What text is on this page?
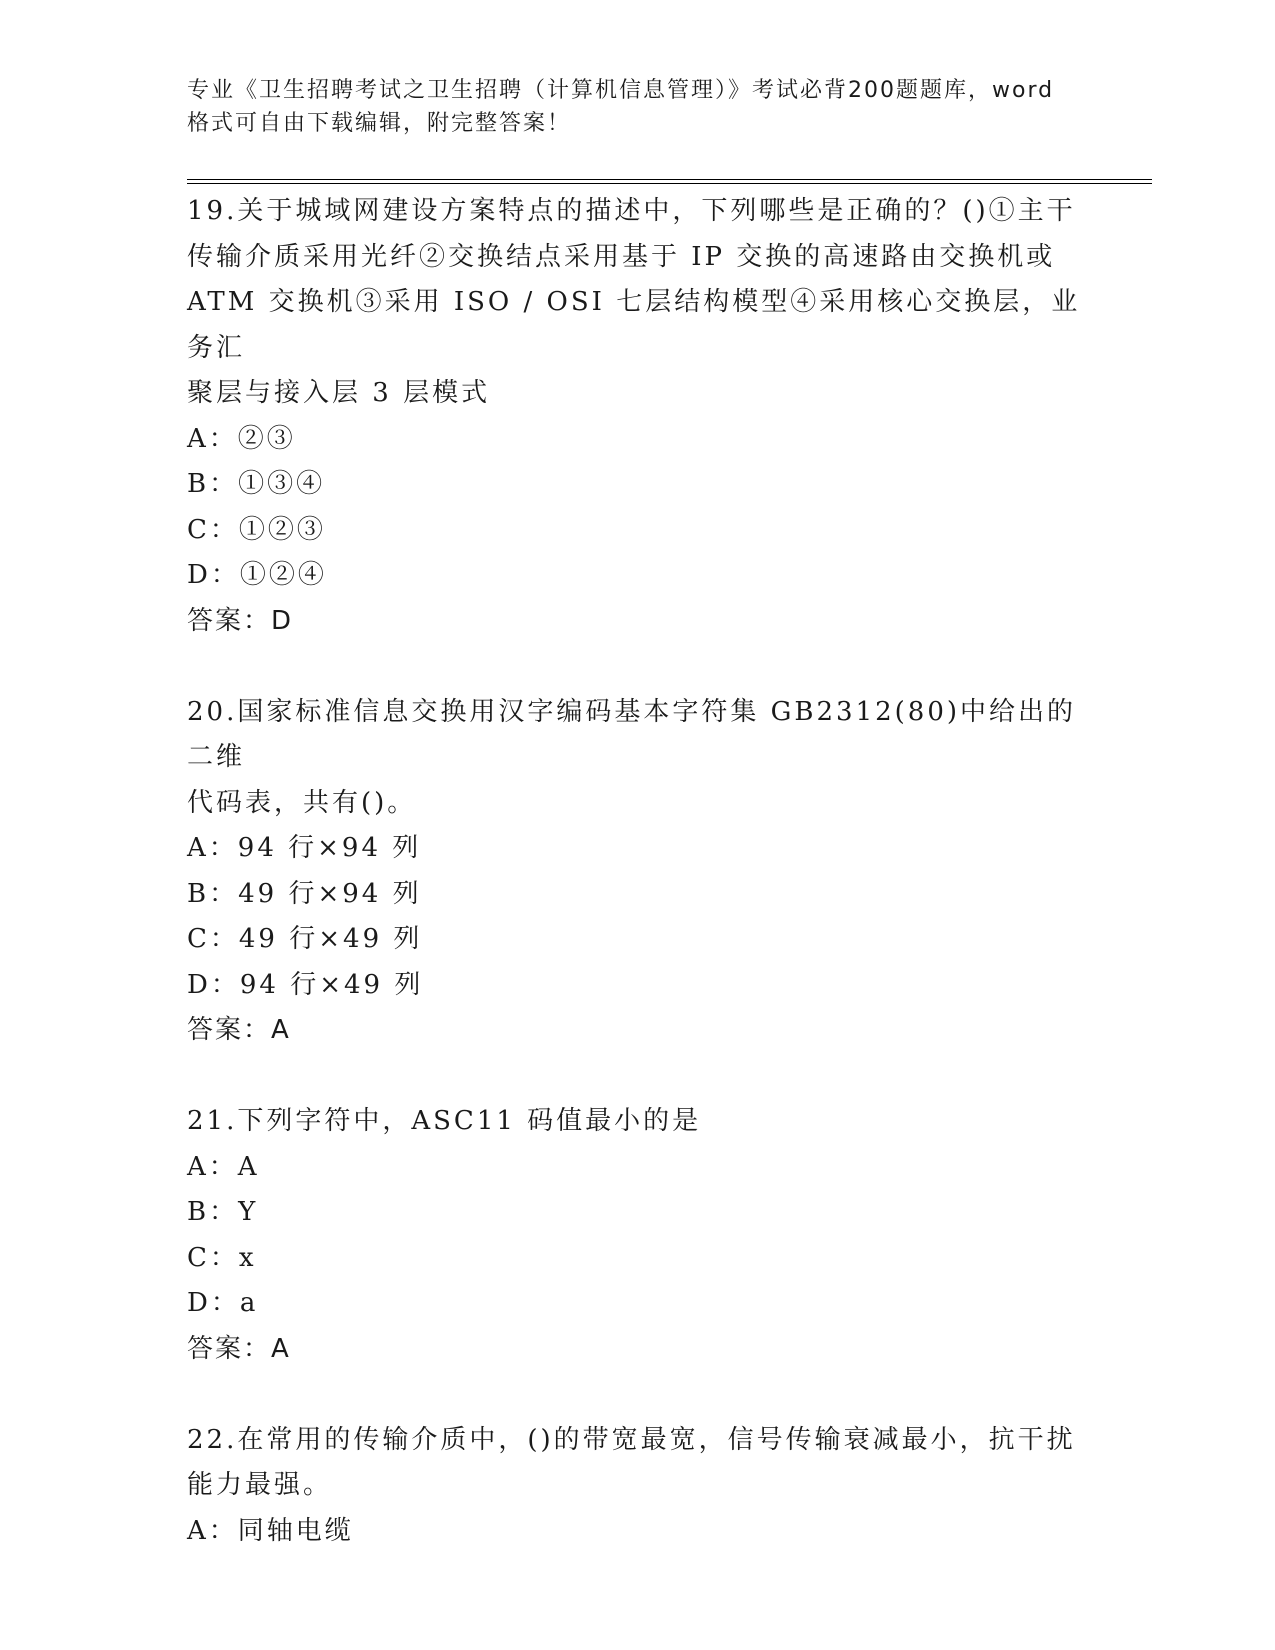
专业《卫生招聘考试之卫生招聘（计算机信息管理）》考试必背200题题库，word
格式可自由下载编辑，附完整答案！

19.关于城域网建设方案特点的描述中，下列哪些是正确的？()①主干

传输介质采用光纤②交换结点采用基于 IP 交换的高速路由交换机或

ATM 交换机③采用 ISO / OSI 七层结构模型④采用核心交换层，业务汇

聚层与接入层 3 层模式

A：②③

B：①③④

C：①②③

D：①②④

答案：D

20.国家标准信息交换用汉字编码基本字符集 GB2312(80)中给出的二维

代码表，共有()。

A：94 行×94 列

B：49 行×94 列

C：49 行×49 列

D：94 行×49 列

答案：A

21.下列字符中，ASC11 码值最小的是

A：A

B：Y

C：x

D：a

答案：A

22.在常用的传输介质中，()的带宽最宽，信号传输衰减最小，抗干扰

能力最强。

A：同轴电缆
